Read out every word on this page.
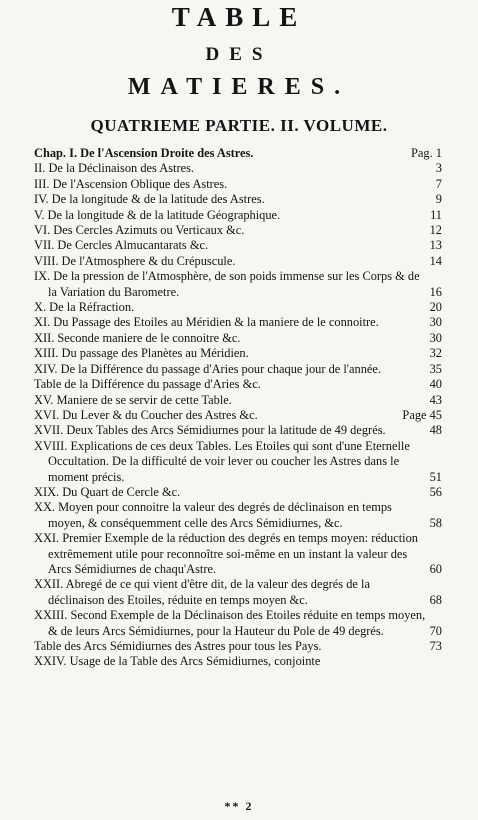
TABLE
DES
MATIERES.
QUATRIEME PARTIE. II. VOLUME.
Chap. I. De l'Ascension Droite des Astres.	Pag. 1
II. De la Déclinaison des Astres.	3
III. De l'Ascension Oblique des Astres.	7
IV. De la longitude & de la latitude des Astres.	9
V. De la longitude & de la latitude Géographique.	11
VI. Des Cercles Azimuts ou Verticaux &c.	12
VII. De Cercles Almucantarats &c.	13
VIII. De l'Atmosphere & du Crépuscule.	14
IX. De la pression de l'Atmosphère, de son poids immense sur les Corps & de la Variation du Barometre.	16
X. De la Réfraction.	20
XI. Du Passage des Etoiles au Méridien & la maniere de le connoitre.	30
XII. Seconde maniere de le connoitre &c.	30
XIII. Du passage des Planètes au Méridien.	32
XIV. De la Différence du passage d'Aries pour chaque jour de l'année.	35
Table de la Différence du passage d'Aries &c.	40
XV. Maniere de se servir de cette Table.	43
XVI. Du Lever & du Coucher des Astres &c.	Page 45
XVII. Deux Tables des Arcs Sémidiurnes pour la latitude de 49 degrés.	48
XVIII. Explications de ces deux Tables. Les Etoiles qui sont d'une Eternelle Occultation. De la difficulté de voir lever ou coucher les Astres dans le moment précis.	51
XIX. Du Quart de Cercle &c.	56
XX. Moyen pour connoitre la valeur des degrés de déclinaison en temps moyen, & conséquemment celle des Arcs Sémidiurnes, &c.	58
XXI. Premier Exemple de la réduction des degrés en temps moyen: réduction extrêmement utile pour reconnoître soi-même en un instant la valeur des Arcs Sémidiurnes de chaqu'Astre.	60
XXII. Abregé de ce qui vient d'être dit, de la valeur des degrés de la déclinaison des Etoiles, réduite en temps moyen &c.	68
XXIII. Second Exemple de la Déclinaison des Etoiles réduite en temps moyen, & de leurs Arcs Sémidiurnes, pour la Hauteur du Pole de 49 degrés.	70
Table des Arcs Sémidiurnes des Astres pour tous les Pays.	73
XXIV. Usage de la Table des Arcs Sémidiurnes, conjointe
** 2
